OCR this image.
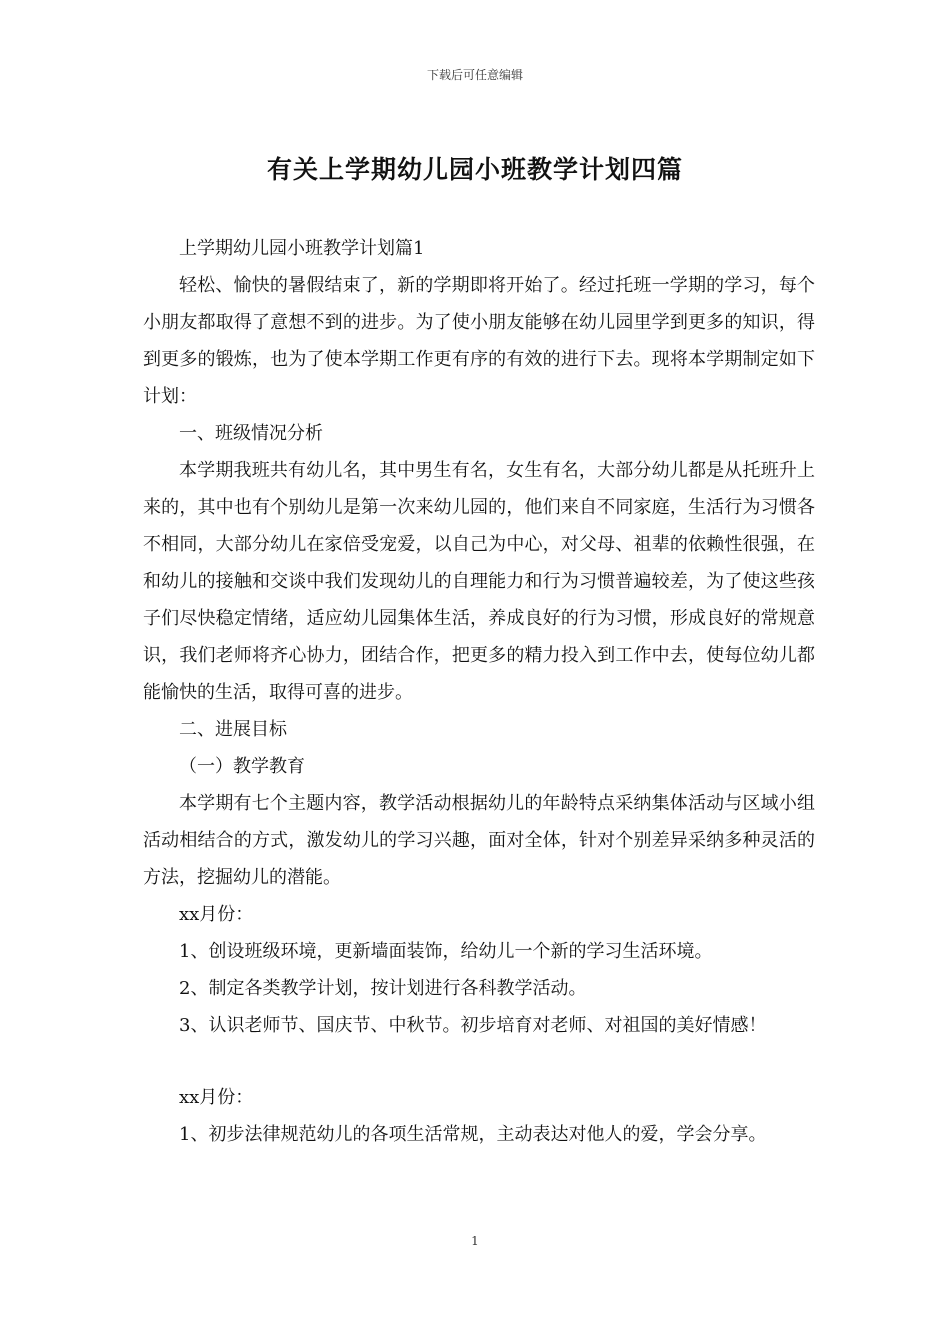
下载后可任意编辑
有关上学期幼儿园小班教学计划四篇

上学期幼儿园小班教学计划篇1

轻松、愉快的暑假结束了，新的学期即将开始了。经过托班一学期的学习，每个小朋友都取得了意想不到的进步。为了使小朋友能够在幼儿园里学到更多的知识，得到更多的锻炼，也为了使本学期工作更有序的有效的进行下去。现将本学期制定如下计划：

一、班级情况分析

本学期我班共有幼儿名，其中男生有名，女生有名，大部分幼儿都是从托班升上来的，其中也有个别幼儿是第一次来幼儿园的，他们来自不同家庭，生活行为习惯各不相同，大部分幼儿在家倍受宠爱，以自己为中心，对父母、祖辈的依赖性很强，在和幼儿的接触和交谈中我们发现幼儿的自理能力和行为习惯普遍较差，为了使这些孩子们尽快稳定情绪，适应幼儿园集体生活，养成良好的行为习惯，形成良好的常规意识，我们老师将齐心协力，团结合作，把更多的精力投入到工作中去，使每位幼儿都能愉快的生活，取得可喜的进步。

二、进展目标

（一）教学教育

本学期有七个主题内容，教学活动根据幼儿的年龄特点采纳集体活动与区域小组活动相结合的方式，激发幼儿的学习兴趣，面对全体，针对个别差异采纳多种灵活的方法，挖掘幼儿的潜能。

xx月份：

1、创设班级环境，更新墙面装饰，给幼儿一个新的学习生活环境。

2、制定各类教学计划，按计划进行各科教学活动。

3、认识老师节、国庆节、中秋节。初步培育对老师、对祖国的美好情感！

xx月份：

1、初步法律规范幼儿的各项生活常规，主动表达对他人的爱，学会分享。

1
